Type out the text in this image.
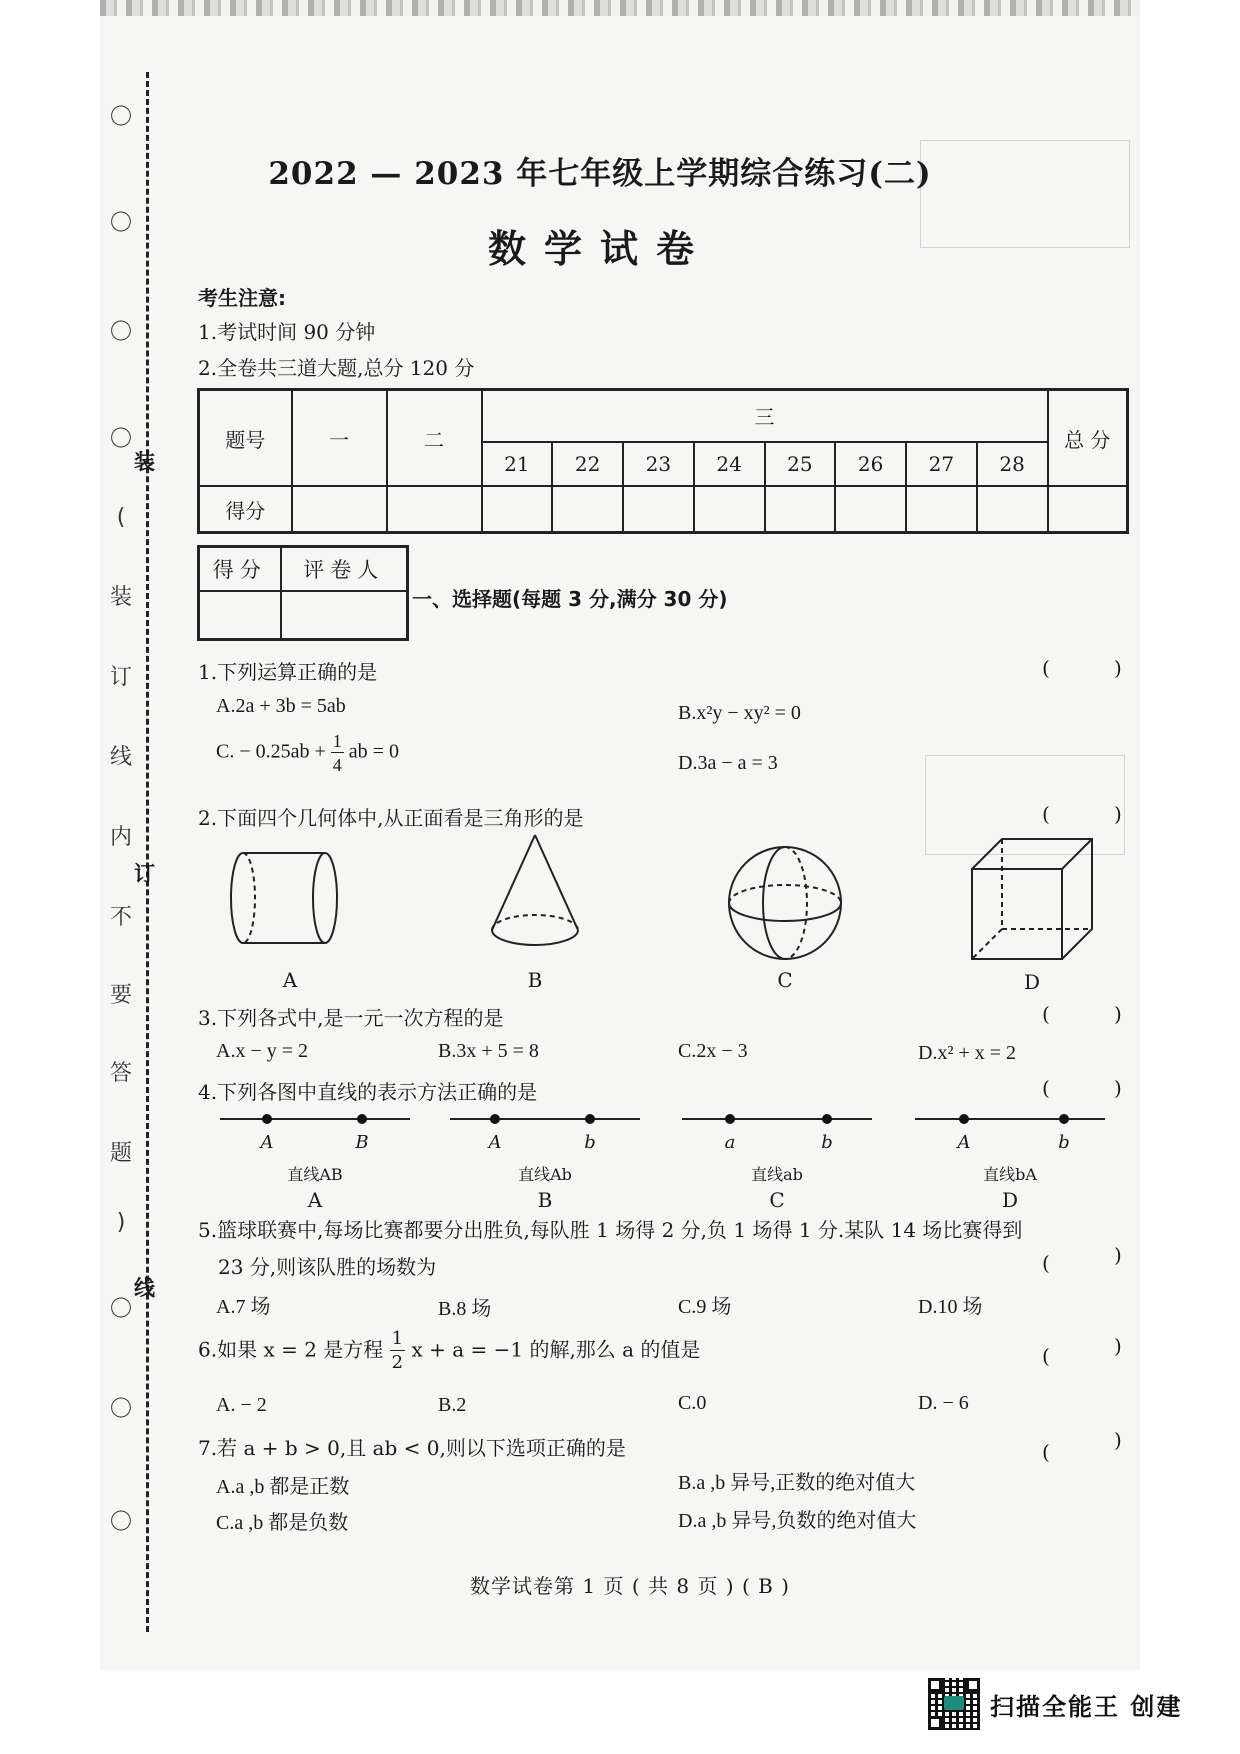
〇
〇
〇
〇
(
装
订
线
内
不
要
答
题
)
〇
〇
〇
装
订
线
2022 — 2023 年七年级上学期综合练习(二)
数学试卷
考生注意:
1.考试时间 90 分钟
2.全卷共三道大题,总分 120 分
题号	一	二	三								总 分
			21	22	23	24	25	26	27	28	
得分											
得分	评卷人

一、选择题(每题 3 分,满分 30 分)
1.下列运算正确的是	(	)
A.2a + 3b = 5ab	B.x²y − xy² = 0
C. − $0.25ab + \frac{1}{4}$ ab = 0
D.3a − a = 3
2.下面四个几何体中,从正面看是三角形的是	(	)
A	B	C	D
3.下列各式中,是一元一次方程的是	(	)
A.x − y = 2	B.3x + 5 = 8	C.2x − 3	D.x² + x = 2
4.下列各图中直线的表示方法正确的是	(	)
A	B
直线AB
A
A	b
直线Ab
B
a	b
直线ab
C
A	b
直线bA
D
5.篮球联赛中,每场比赛都要分出胜负,每队胜 1 场得 2 分,负 1 场得 1 分.某队 14 场比赛得到
23 分,则该队胜的场数为	(	)
A.7 场	B.8 场	C.9 场	D.10 场
6.如果 x = 2 是方程 $\frac{1}{2}$ x + a = −1 的解,那么 a 的值是	(	)
A. − 2	B.2	C.0	D. − 6
7.若 a + b > 0,且 ab < 0,则以下选项正确的是	(	)
A.a ,b 都是正数	B.a ,b 异号,正数的绝对值大
C.a ,b 都是负数	D.a ,b 异号,负数的绝对值大
数学试卷第 1 页 ( 共 8 页 ) ( B )
扫描全能王 创建
